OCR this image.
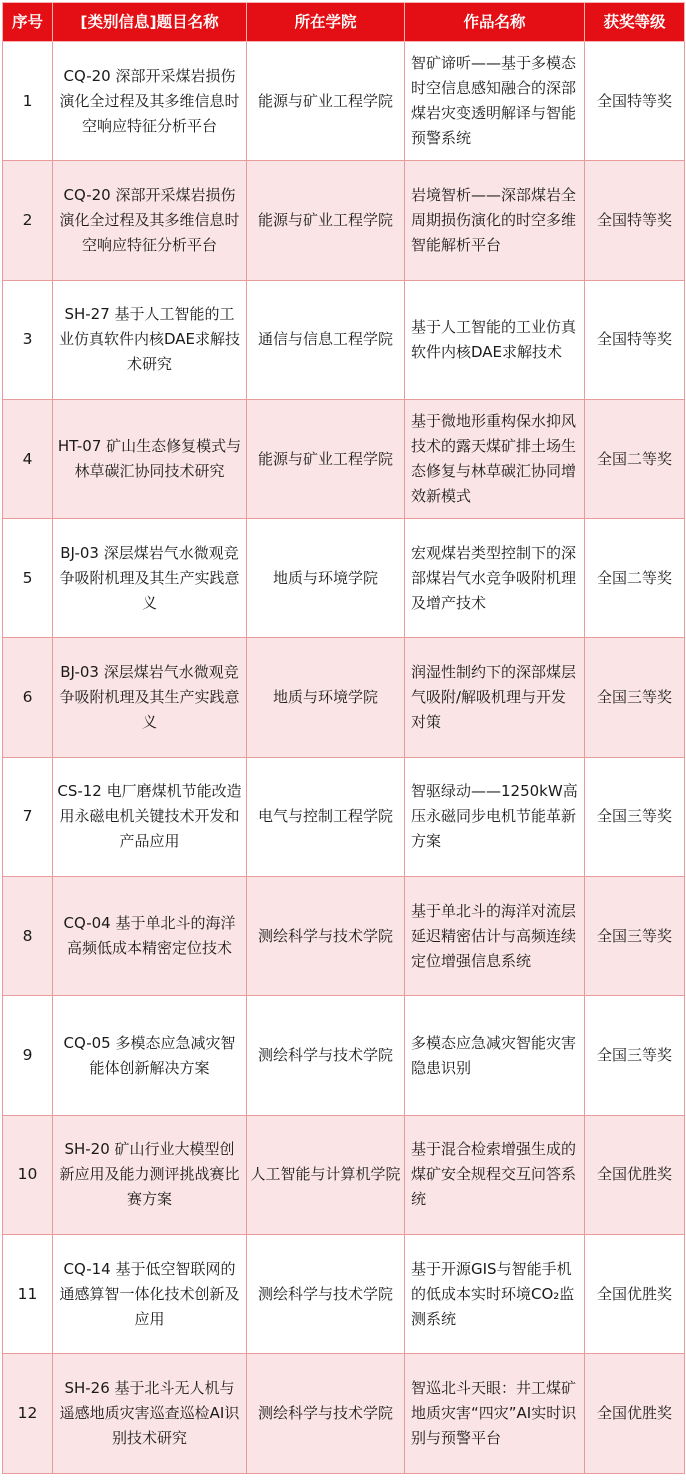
序号	[类别信息]题目名称	所在学院	作品名称	获奖等级
1	CQ-20 深部开采煤岩损伤演化全过程及其多维信息时空响应特征分析平台	能源与矿业工程学院	智矿谛听——基于多模态时空信息感知融合的深部煤岩灾变透明解译与智能预警系统	全国特等奖
2	CQ-20 深部开采煤岩损伤演化全过程及其多维信息时空响应特征分析平台	能源与矿业工程学院	岩境智析——深部煤岩全周期损伤演化的时空多维智能解析平台	全国特等奖
3	SH-27 基于人工智能的工业仿真软件内核DAE求解技术研究	通信与信息工程学院	基于人工智能的工业仿真软件内核DAE求解技术	全国特等奖
4	HT-07 矿山生态修复模式与林草碳汇协同技术研究	能源与矿业工程学院	基于微地形重构保水抑风技术的露天煤矿排土场生态修复与林草碳汇协同增效新模式	全国二等奖
5	BJ-03 深层煤岩气水微观竞争吸附机理及其生产实践意义	地质与环境学院	宏观煤岩类型控制下的深部煤岩气水竞争吸附机理及增产技术	全国二等奖
6	BJ-03 深层煤岩气水微观竞争吸附机理及其生产实践意义	地质与环境学院	润湿性制约下的深部煤层气吸附/解吸机理与开发对策	全国三等奖
7	CS-12 电厂磨煤机节能改造用永磁电机关键技术开发和产品应用	电气与控制工程学院	智驱绿动——1250kW高压永磁同步电机节能革新方案	全国三等奖
8	CQ-04 基于单北斗的海洋高频低成本精密定位技术	测绘科学与技术学院	基于单北斗的海洋对流层延迟精密估计与高频连续定位增强信息系统	全国三等奖
9	CQ-05 多模态应急减灾智能体创新解决方案	测绘科学与技术学院	多模态应急减灾智能灾害隐患识别	全国三等奖
10	SH-20 矿山行业大模型创新应用及能力测评挑战赛比赛方案	人工智能与计算机学院	基于混合检索增强生成的煤矿安全规程交互问答系统	全国优胜奖
11	CQ-14 基于低空智联网的通感算智一体化技术创新及应用	测绘科学与技术学院	基于开源GIS与智能手机的低成本实时环境CO₂监测系统	全国优胜奖
12	SH-26 基于北斗无人机与遥感地质灾害巡查巡检AI识别技术研究	测绘科学与技术学院	智巡北斗天眼：井工煤矿地质灾害“四灾”AI实时识别与预警平台	全国优胜奖
